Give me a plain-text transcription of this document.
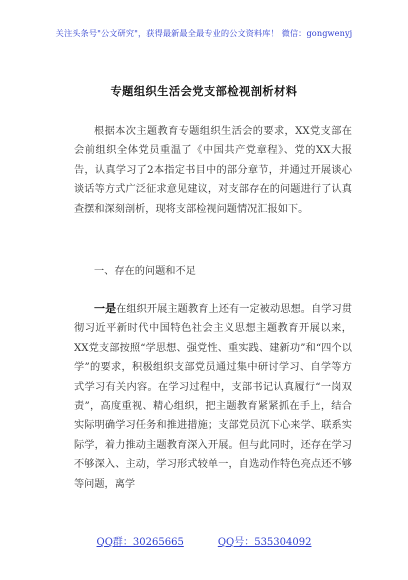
关注头条号"公文研究"，获得最新最全最专业的公文资料库！ 微信：gongwenyj
专题组织生活会党支部检视剖析材料
根据本次主题教育专题组织生活会的要求，XX党支部在会前组织全体党员重温了《中国共产党章程》、党的XX大报告，认真学习了2本指定书目中的部分章节，并通过开展谈心谈话等方式广泛征求意见建议，对支部存在的问题进行了认真查摆和深刻剖析，现将支部检视问题情况汇报如下。
一、存在的问题和不足
一是在组织开展主题教育上还有一定被动思想。自学习贯彻习近平新时代中国特色社会主义思想主题教育开展以来，XX党支部按照“学思想、强党性、重实践、建新功”和“四个以学”的要求，积极组织支部党员通过集中研讨学习、自学等方式学习有关内容。在学习过程中，支部书记认真履行“一岗双责”，高度重视、精心组织，把主题教育紧紧抓在手上，结合实际明确学习任务和推进措施；支部党员沉下心来学、联系实际学，着力推动主题教育深入开展。但与此同时，还存在学习不够深入、主动，学习形式较单一，自选动作特色亮点还不够等问题，离学
QQ群：30265665	QQ号：535304092
